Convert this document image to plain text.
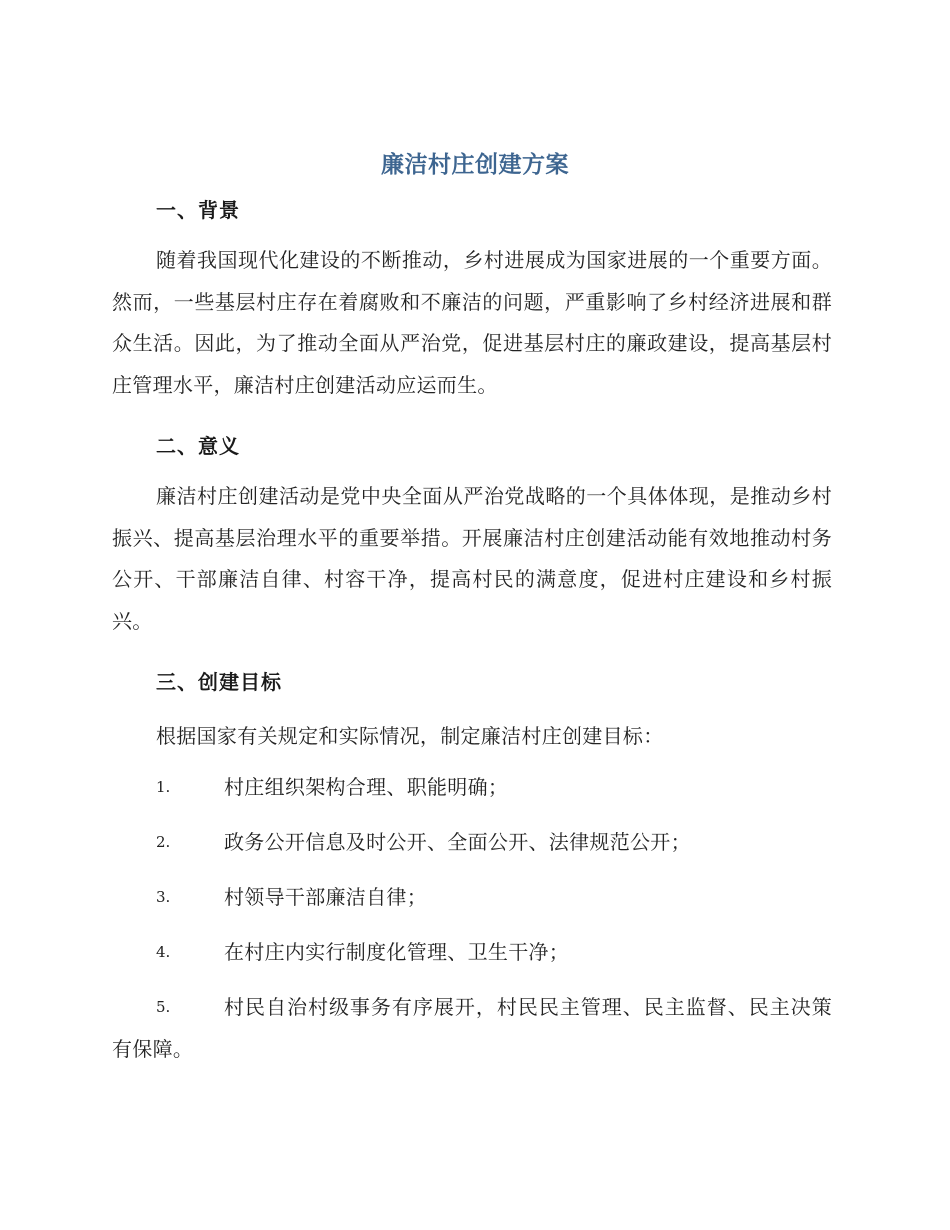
廉洁村庄创建方案
一、背景
随着我国现代化建设的不断推动，乡村进展成为国家进展的一个重要方面。然而，一些基层村庄存在着腐败和不廉洁的问题，严重影响了乡村经济进展和群众生活。因此，为了推动全面从严治党，促进基层村庄的廉政建设，提高基层村庄管理水平，廉洁村庄创建活动应运而生。
二、意义
廉洁村庄创建活动是党中央全面从严治党战略的一个具体体现，是推动乡村振兴、提高基层治理水平的重要举措。开展廉洁村庄创建活动能有效地推动村务公开、干部廉洁自律、村容干净，提高村民的满意度，促进村庄建设和乡村振兴。
三、创建目标
根据国家有关规定和实际情况，制定廉洁村庄创建目标：
1.	村庄组织架构合理、职能明确；
2.	政务公开信息及时公开、全面公开、法律规范公开；
3.	村领导干部廉洁自律；
4.	在村庄内实行制度化管理、卫生干净；
5.	村民自治村级事务有序展开，村民民主管理、民主监督、民主决策有保障。
